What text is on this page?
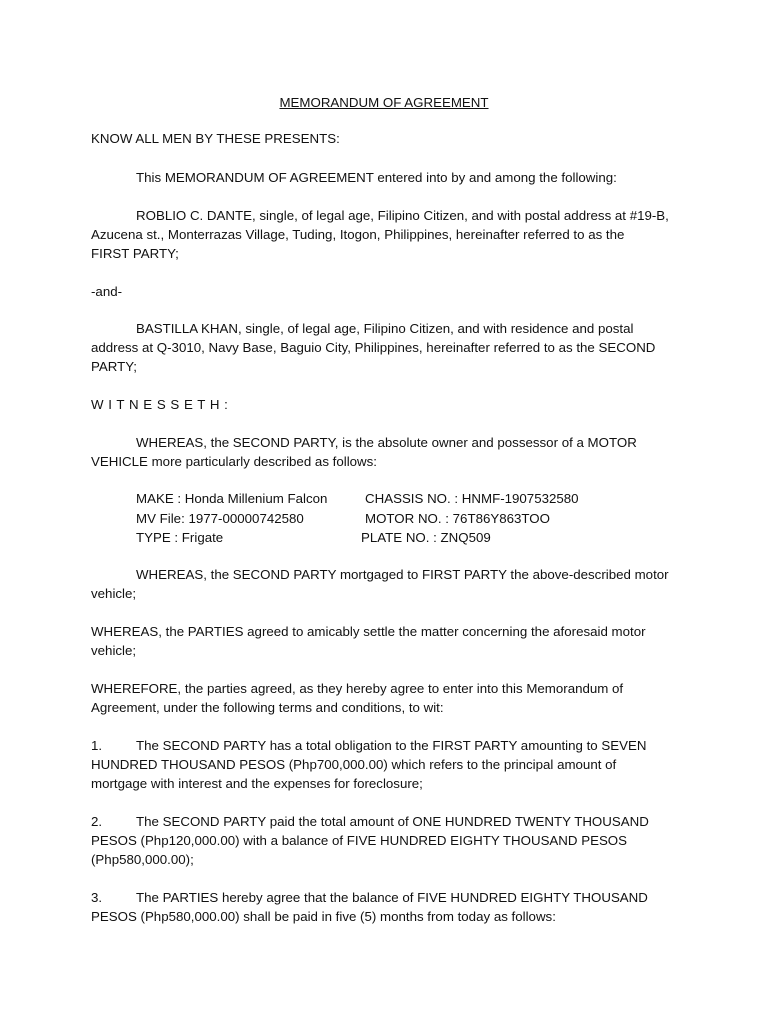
MEMORANDUM OF AGREEMENT
KNOW ALL MEN BY THESE PRESENTS:
This MEMORANDUM OF AGREEMENT entered into by and among the following:
ROBLIO C. DANTE, single, of legal age, Filipino Citizen, and with postal address at #19-B,
Azucena st., Monterrazas Village, Tuding, Itogon, Philippines, hereinafter referred to as the
FIRST PARTY;
-and-
BASTILLA KHAN, single, of legal age, Filipino Citizen, and with residence and postal
address at Q-3010, Navy Base, Baguio City, Philippines, hereinafter referred to as the SECOND
PARTY;
W I T N E S S E T H :
WHEREAS, the SECOND PARTY, is the absolute owner and possessor of a MOTOR
VEHICLE more particularly described as follows:
MAKE : Honda Millenium Falcon	CHASSIS NO. : HNMF-1907532580
MV File: 1977-00000742580	MOTOR NO. : 76T86Y863TOO
TYPE : Frigate	PLATE NO. : ZNQ509
WHEREAS, the SECOND PARTY mortgaged to FIRST PARTY the above-described motor
vehicle;
WHEREAS, the PARTIES agreed to amicably settle the matter concerning the aforesaid motor
vehicle;
WHEREFORE, the parties agreed, as they hereby agree to enter into this Memorandum of
Agreement, under the following terms and conditions, to wit:
1.	The SECOND PARTY has a total obligation to the FIRST PARTY amounting to SEVEN
HUNDRED THOUSAND PESOS (Php700,000.00) which refers to the principal amount of
mortgage with interest and the expenses for foreclosure;
2.	The SECOND PARTY paid the total amount of ONE HUNDRED TWENTY THOUSAND
PESOS (Php120,000.00) with a balance of FIVE HUNDRED EIGHTY THOUSAND PESOS
(Php580,000.00);
3.	The PARTIES hereby agree that the balance of FIVE HUNDRED EIGHTY THOUSAND
PESOS (Php580,000.00) shall be paid in five (5) months from today as follows:
